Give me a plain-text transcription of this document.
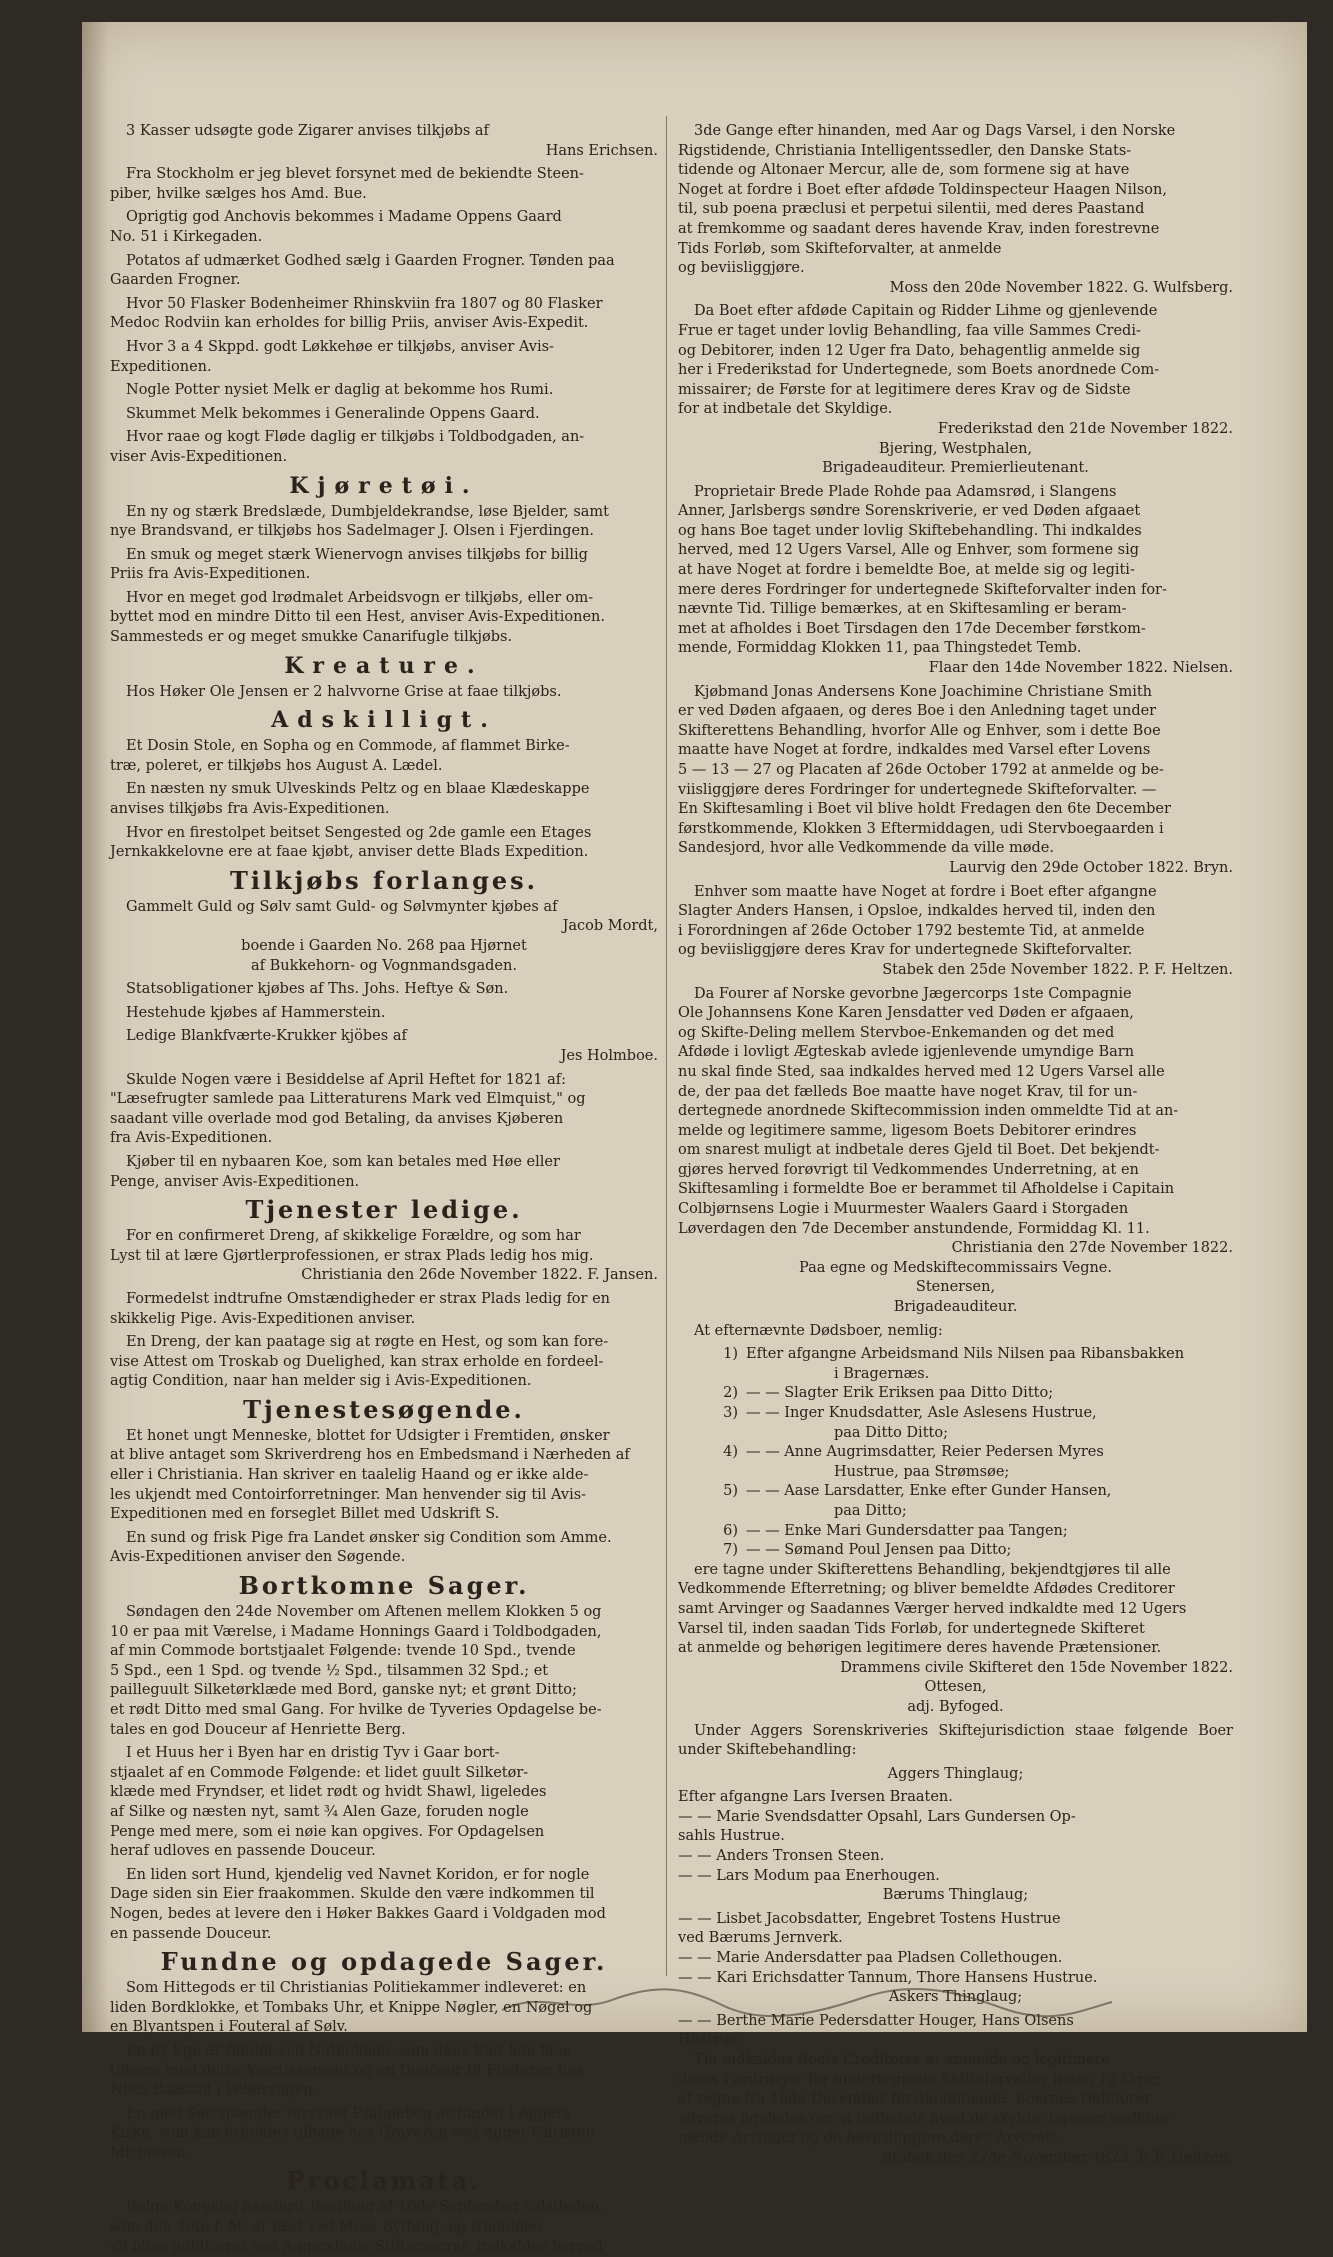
3 Kasser udsøgte gode Zigarer anvises tilkjøbs af
Hans Erichsen.

Fra Stockholm er jeg blevet forsynet med de bekiendte Steen-
piber, hvilke sælges hos Amd. Bue.

Oprigtig god Anchovis bekommes i Madame Oppens Gaard
No. 51 i Kirkegaden.

Potatos af udmærket Godhed sælg i Gaarden Frogner. Tønden paa
Gaarden Frogner.

Hvor 50 Flasker Bodenheimer Rhinskviin fra 1807 og 80 Flasker
Medoc Rodviin kan erholdes for billig Priis, anviser Avis-Expedit.

Hvor 3 a 4 Skppd. godt Løkkehøe er tilkjøbs, anviser Avis-
Expeditionen.

Nogle Potter nysiet Melk er daglig at bekomme hos Rumi.

Skummet Melk bekommes i Generalinde Oppens Gaard.

Hvor raae og kogt Fløde daglig er tilkjøbs i Toldbodgaden, an-
viser Avis-Expeditionen.

Kjøretøi.

En ny og stærk Bredslæde, Dumbjeldekrandse, løse Bjelder, samt
nye Brandsvand, er tilkjøbs hos Sadelmager J. Olsen i Fjerdingen.

En smuk og meget stærk Wienervogn anvises tilkjøbs for billig
Priis fra Avis-Expeditionen.

Hvor en meget god lrødmalet Arbeidsvogn er tilkjøbs, eller om-
byttet mod en mindre Ditto til een Hest, anviser Avis-Expeditionen.
Sammesteds er og meget smukke Canarifugle tilkjøbs.

Kreature.

Hos Høker Ole Jensen er 2 halvvorne Grise at faae tilkjøbs.

Adskilligt.

Et Dosin Stole, en Sopha og en Commode, af flammet Birke-
træ, poleret, er tilkjøbs hos August A. Lædel.

En næsten ny smuk Ulveskinds Peltz og en blaae Klædeskappe
anvises tilkjøbs fra Avis-Expeditionen.

Hvor en firestolpet beitset Sengested og 2de gamle een Etages
Jernkakkelovne ere at faae kjøbt, anviser dette Blads Expedition.

Tilkjøbs forlanges.

Gammelt Guld og Sølv samt Guld- og Sølvmynter kjøbes af
Jacob Mordt,
boende i Gaarden No. 268 paa Hjørnet
af Bukkehorn- og Vognmandsgaden.

Statsobligationer kjøbes af Ths. Johs. Heftye & Søn.

Hestehude kjøbes af Hammerstein.

Ledige Blankfværte-Krukker kjöbes af
Jes Holmboe.

Skulde Nogen være i Besiddelse af April Heftet for 1821 af:
"Læsefrugter samlede paa Litteraturens Mark ved Elmquist," og
saadant ville overlade mod god Betaling, da anvises Kjøberen
fra Avis-Expeditionen.

Kjøber til en nybaaren Koe, som kan betales med Høe eller
Penge, anviser Avis-Expeditionen.

Tjenester ledige.

For en confirmeret Dreng, af skikkelige Forældre, og som har
Lyst til at lære Gjørtlerprofessionen, er strax Plads ledig hos mig.
Christiania den 26de November 1822. F. Jansen.

Formedelst indtrufne Omstændigheder er strax Plads ledig for en
skikkelig Pige. Avis-Expeditionen anviser.

En Dreng, der kan paatage sig at røgte en Hest, og som kan fore-
vise Attest om Troskab og Duelighed, kan strax erholde en fordeel-
agtig Condition, naar han melder sig i Avis-Expeditionen.

Tjenestesøgende.

Et honet ungt Menneske, blottet for Udsigter i Fremtiden, ønsker
at blive antaget som Skriverdreng hos en Embedsmand i Nærheden af
eller i Christiania. Han skriver en taalelig Haand og er ikke alde-
les ukjendt med Contoirforretninger. Man henvender sig til Avis-
Expeditionen med en forseglet Billet med Udskrift S.

En sund og frisk Pige fra Landet ønsker sig Condition som Amme.
Avis-Expeditionen anviser den Søgende.

Bortkomne Sager.

Søndagen den 24de November om Aftenen mellem Klokken 5 og
10 er paa mit Værelse, i Madame Honnings Gaard i Toldbodgaden,
af min Commode bortstjaalet Følgende: tvende 10 Spd., tvende
5 Spd., een 1 Spd. og tvende ½ Spd., tilsammen 32 Spd.; et
pailleguult Silketørklæde med Bord, ganske nyt; et grønt Ditto;
et rødt Ditto med smal Gang. For hvilke de Tyveries Opdagelse be-
tales en god Douceur af Henriette Berg.

I et Huus her i Byen har en dristig Tyv i Gaar bort-
stjaalet af en Commode Følgende: et lidet guult Silketør-
klæde med Fryndser, et lidet rødt og hvidt Shawl, ligeledes
af Silke og næsten nyt, samt ¾ Alen Gaze, foruden nogle
Penge med mere, som ei nøie kan opgives. For Opdagelsen
heraf udloves en passende Douceur.

En liden sort Hund, kjendelig ved Navnet Koridon, er for nogle
Dage siden sin Eier fraakommen. Skulde den være indkommen til
Nogen, bedes at levere den i Høker Bakkes Gaard i Voldgaden mod
en passende Douceur.

Fundne og opdagede Sager.

Som Hittegods er til Christianias Politiekammer indleveret: en
liden Bordklokke, et Tombaks Uhr, et Knippe Nøgler, en Nøgel og
en Blyantspen i Fouteral af Sølv.

En ny Ege er fundet ved Natholmen, som dens Eier kan faae
tilbage mod dette Avertissement og en Douceur til Finderen hos
Niels Baastad i Peberviigen.

En med Sølvspænder forsynet Psalmebog er fundet i Aggers
Kirke, som kan erholdes tilbage hos Graveren ved Agger Christen
Michelsen.

Proclamata.

Ifølge Kongelig naadigst Bevilling af 16de September sidstleden,
som den 30te f. M. er læst ved Moss Bything, og fremdeles
vil blive publiceret ved Aggershuus Stiftsoverret, indkaldes herved

3de Gange efter hinanden, med Aar og Dags Varsel, i den Norske
Rigstidende, Christiania Intelligentssedler, den Danske Stats-
tidende og Altonaer Mercur, alle de, som formene sig at have
Noget at fordre i Boet efter afdøde Toldinspecteur Haagen Nilson,
til, sub poena præclusi et perpetui silentii, med deres Paastand
at fremkomme og saadant deres havende Krav, inden forestrevne
Tids Forløb, som Skifteforvalter, at anmelde
og beviisliggjøre.
Moss den 20de November 1822. G. Wulfsberg.

Da Boet efter afdøde Capitain og Ridder Lihme og gjenlevende
Frue er taget under lovlig Behandling, faa ville Sammes Credi-
og Debitorer, inden 12 Uger fra Dato, behagentlig anmelde sig
her i Frederikstad for Undertegnede, som Boets anordnede Com-
missairer; de Første for at legitimere deres Krav og de Sidste
for at indbetale det Skyldige.
Frederikstad den 21de November 1822.
Bjering, Westphalen,
Brigadeauditeur. Premierlieutenant.

Proprietair Brede Plade Rohde paa Adamsrød, i Slangens
Anner, Jarlsbergs søndre Sorenskriverie, er ved Døden afgaaet
og hans Boe taget under lovlig Skiftebehandling. Thi indkaldes
herved, med 12 Ugers Varsel, Alle og Enhver, som formene sig
at have Noget at fordre i bemeldte Boe, at melde sig og legiti-
mere deres Fordringer for undertegnede Skifteforvalter inden for-
nævnte Tid. Tillige bemærkes, at en Skiftesamling er beram-
met at afholdes i Boet Tirsdagen den 17de December førstkom-
mende, Formiddag Klokken 11, paa Thingstedet Temb.
Flaar den 14de November 1822. Nielsen.

Kjøbmand Jonas Andersens Kone Joachimine Christiane Smith
er ved Døden afgaaen, og deres Boe i den Anledning taget under
Skifterettens Behandling, hvorfor Alle og Enhver, som i dette Boe
maatte have Noget at fordre, indkaldes med Varsel efter Lovens
5 — 13 — 27 og Placaten af 26de October 1792 at anmelde og be-
viisliggjøre deres Fordringer for undertegnede Skifteforvalter. —
En Skiftesamling i Boet vil blive holdt Fredagen den 6te December
førstkommende, Klokken 3 Eftermiddagen, udi Stervboegaarden i
Sandesjord, hvor alle Vedkommende da ville møde.
Laurvig den 29de October 1822. Bryn.

Enhver som maatte have Noget at fordre i Boet efter afgangne
Slagter Anders Hansen, i Opsloe, indkaldes herved til, inden den
i Forordningen af 26de October 1792 bestemte Tid, at anmelde
og beviisliggjøre deres Krav for undertegnede Skifteforvalter.
Stabek den 25de November 1822. P. F. Heltzen.

Da Fourer af Norske gevorbne Jægercorps 1ste Compagnie
Ole Johannsens Kone Karen Jensdatter ved Døden er afgaaen,
og Skifte-Deling mellem Stervboe-Enkemanden og det med
Afdøde i lovligt Ægteskab avlede igjenlevende umyndige Barn
nu skal finde Sted, saa indkaldes herved med 12 Ugers Varsel alle
de, der paa det fælleds Boe maatte have noget Krav, til for un-
dertegnede anordnede Skiftecommission inden ommeldte Tid at an-
melde og legitimere samme, ligesom Boets Debitorer erindres
om snarest muligt at indbetale deres Gjeld til Boet. Det bekjendt-
gjøres herved forøvrigt til Vedkommendes Underretning, at en
Skiftesamling i formeldte Boe er berammet til Afholdelse i Capitain
Colbjørnsens Logie i Muurmester Waalers Gaard i Storgaden
Løverdagen den 7de December anstundende, Formiddag Kl. 11.
Christiania den 27de November 1822.
Paa egne og Medskiftecommissairs Vegne.
Stenersen,
Brigadeauditeur.

At efternævnte Dødsboer, nemlig:

1) Efter afgangne Arbeidsmand Nils Nilsen paa Ribansbakken
i Bragernæs.
2) — — Slagter Erik Eriksen paa Ditto Ditto;
3) — — Inger Knudsdatter, Asle Aslesens Hustrue,
paa Ditto Ditto;
4) — — Anne Augrimsdatter, Reier Pedersen Myres
Hustrue, paa Strømsøe;
5) — — Aase Larsdatter, Enke efter Gunder Hansen,
paa Ditto;
6) — — Enke Mari Gundersdatter paa Tangen;
7) — — Sømand Poul Jensen paa Ditto;

ere tagne under Skifterettens Behandling, bekjendtgjøres til alle
Vedkommende Efterretning; og bliver bemeldte Afdødes Creditorer
samt Arvinger og Saadannes Værger herved indkaldte med 12 Ugers
Varsel til, inden saadan Tids Forløb, for undertegnede Skifteret
at anmelde og behørigen legitimere deres havende Prætensioner.
Drammens civile Skifteret den 15de November 1822.
Ottesen,
adj. Byfoged.

Under Aggers Sorenskriveries Skiftejurisdiction staae følgende Boer under Skiftebehandling:

Aggers Thinglaug;

Efter afgangne Lars Iversen Braaten.
— — Marie Svendsdatter Opsahl, Lars Gundersen Op-
sahls Hustrue.
— — Anders Tronsen Steen.
— — Lars Modum paa Enerhougen.

Bærums Thinglaug;

— — Lisbet Jacobsdatter, Engebret Tostens Hustrue
ved Bærums Jernverk.
— — Marie Andersdatter paa Pladsen Collethougen.
— — Kari Erichsdatter Tannum, Thore Hansens Hustrue.

Askers Thinglaug;

— — Berthe Marie Pedersdatter Houger, Hans Olsens
Hustrue.

Thi indkaldes Boets Creditorer at anmelde og legitimere
deres Fordringer for undertegnede Skifteforvalter inden 12 Uger,
at regne fra 16de December førstkommende. Boernes Debitorer
advares ligeledes om at indbetale hvad de skylde; ligesom vedkom-
mende Arvinger og de beviisliggjøre deres Arverett.
Stabek den 27de November 1822. P. F. Heltzen.
